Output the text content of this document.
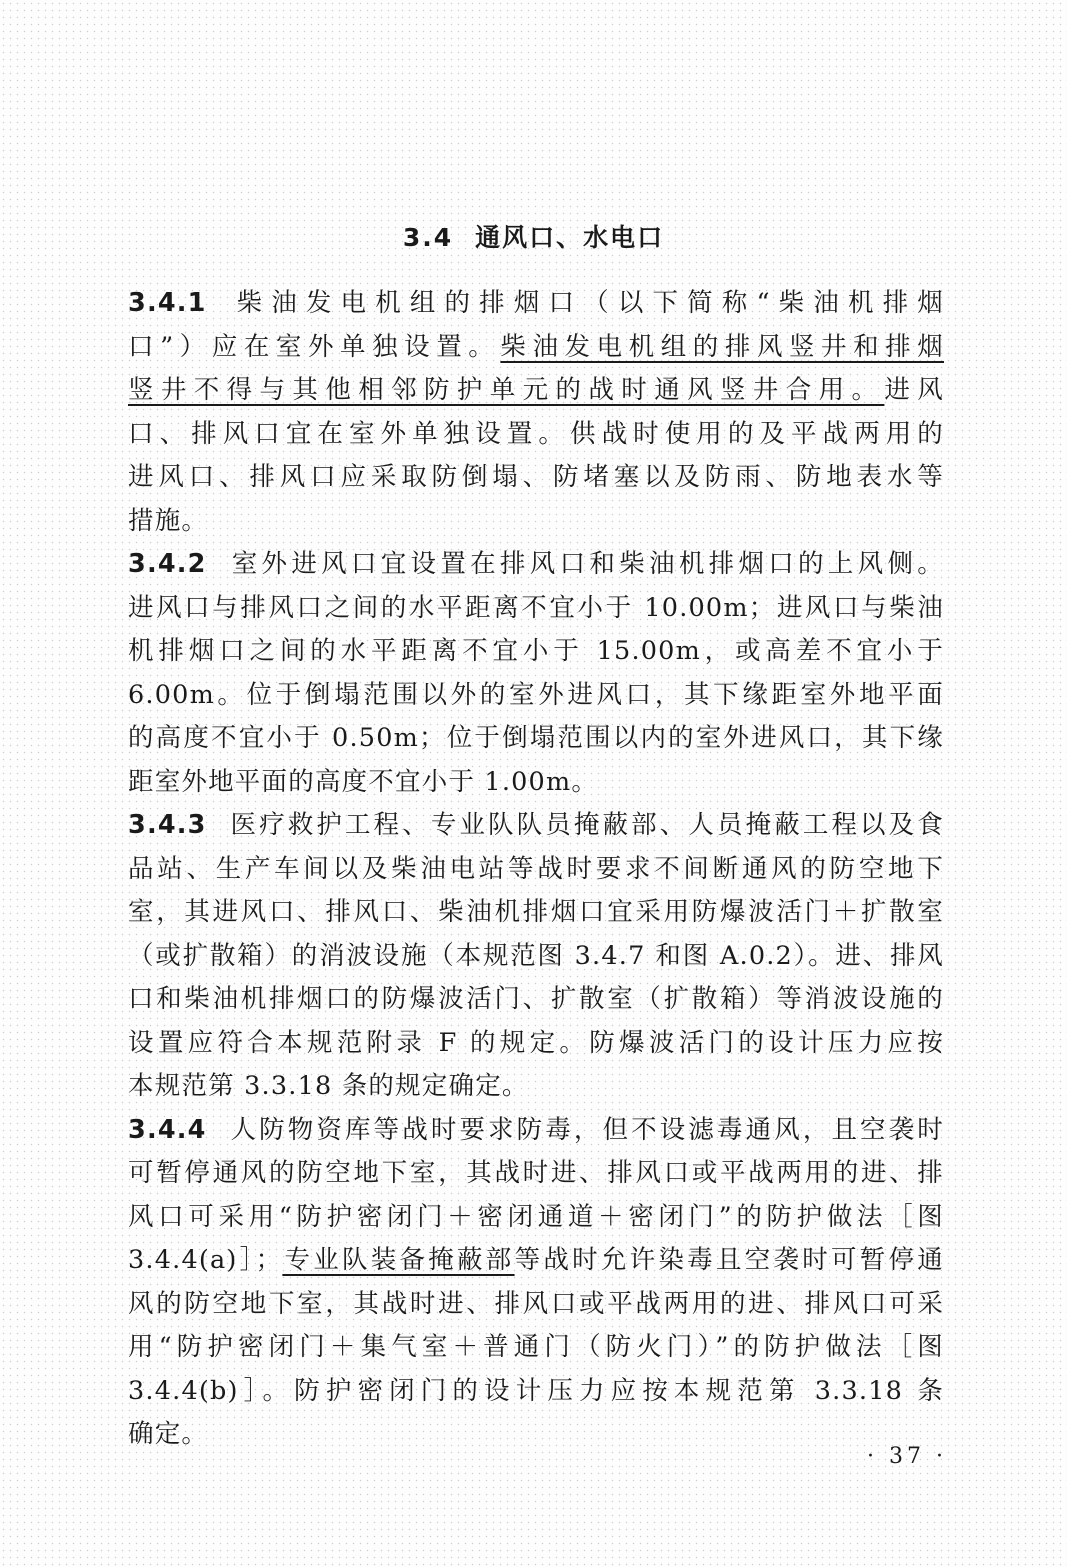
3.4 通风口、水电口
3.4.1 柴油发电机组的排烟口（以下简称“柴油机排烟
口”）应在室外单独设置。柴油发电机组的排风竖井和排烟
竖井不得与其他相邻防护单元的战时通风竖井合用。进风
口、排风口宜在室外单独设置。供战时使用的及平战两用的
进风口、排风口应采取防倒塌、防堵塞以及防雨、防地表水等
措施。
3.4.2 室外进风口宜设置在排风口和柴油机排烟口的上风侧。
进风口与排风口之间的水平距离不宜小于 10.00m；进风口与柴油
机排烟口之间的水平距离不宜小于 15.00m，或高差不宜小于
6.00m。位于倒塌范围以外的室外进风口，其下缘距室外地平面
的高度不宜小于 0.50m；位于倒塌范围以内的室外进风口，其下缘
距室外地平面的高度不宜小于 1.00m。
3.4.3 医疗救护工程、专业队队员掩蔽部、人员掩蔽工程以及食
品站、生产车间以及柴油电站等战时要求不间断通风的防空地下
室，其进风口、排风口、柴油机排烟口宜采用防爆波活门＋扩散室
（或扩散箱）的消波设施（本规范图 3.4.7 和图 A.0.2）。进、排风
口和柴油机排烟口的防爆波活门、扩散室（扩散箱）等消波设施的
设置应符合本规范附录 F 的规定。防爆波活门的设计压力应按
本规范第 3.3.18 条的规定确定。
3.4.4 人防物资库等战时要求防毒，但不设滤毒通风，且空袭时
可暂停通风的防空地下室，其战时进、排风口或平战两用的进、排
风口可采用“防护密闭门＋密闭通道＋密闭门”的防护做法［图
3.4.4(a)］；专业队装备掩蔽部等战时允许染毒且空袭时可暂停通
风的防空地下室，其战时进、排风口或平战两用的进、排风口可采
用“防护密闭门＋集气室＋普通门（防火门）”的防护做法［图
3.4.4(b)］。防护密闭门的设计压力应按本规范第 3.3.18 条
确定。
· 37 ·
